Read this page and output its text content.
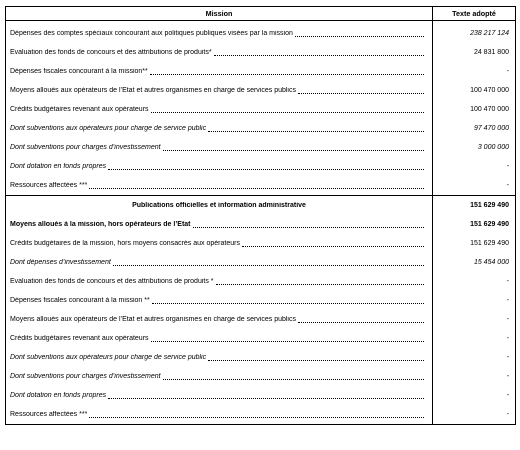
Mission	Texte adopté

Dépenses des comptes spéciaux concourant aux politiques publiques visées par la mission	238 217 124

Evaluation des fonds de concours et des attributions de produits*	24 831 800

Dépenses fiscales concourant à la mission**	-

Moyens alloués aux opérateurs de l’Etat et autres organismes en charge de services publics	100 470 000

Crédits budgétaires revenant aux opérateurs	100 470 000

Dont subventions aux opérateurs pour charge de service public	97 470 000

Dont subventions pour charges d’investissement	3 000 000

Dont dotation en fonds propres	-

Ressources affectées ***	-
Publications officielles et information administrative	151 629 490

Moyens alloués à la mission, hors opérateurs de l’Etat	151 629 490

Crédits budgétaires de la mission, hors moyens consacrés aux opérateurs	151 629 490

Dont dépenses d’investissement	15 454 000

Evaluation des fonds de concours et des attributions de produits *	-

Dépenses fiscales concourant à la mission **	-

Moyens alloués aux opérateurs de l’Etat et autres organismes en charge de services publics	-

Crédits budgétaires revenant aux opérateurs	-

Dont subventions aux opérateurs pour charge de service public	-

Dont subventions pour charges d’investissement	-

Dont dotation en fonds propres	-

Ressources affectées ***	-
